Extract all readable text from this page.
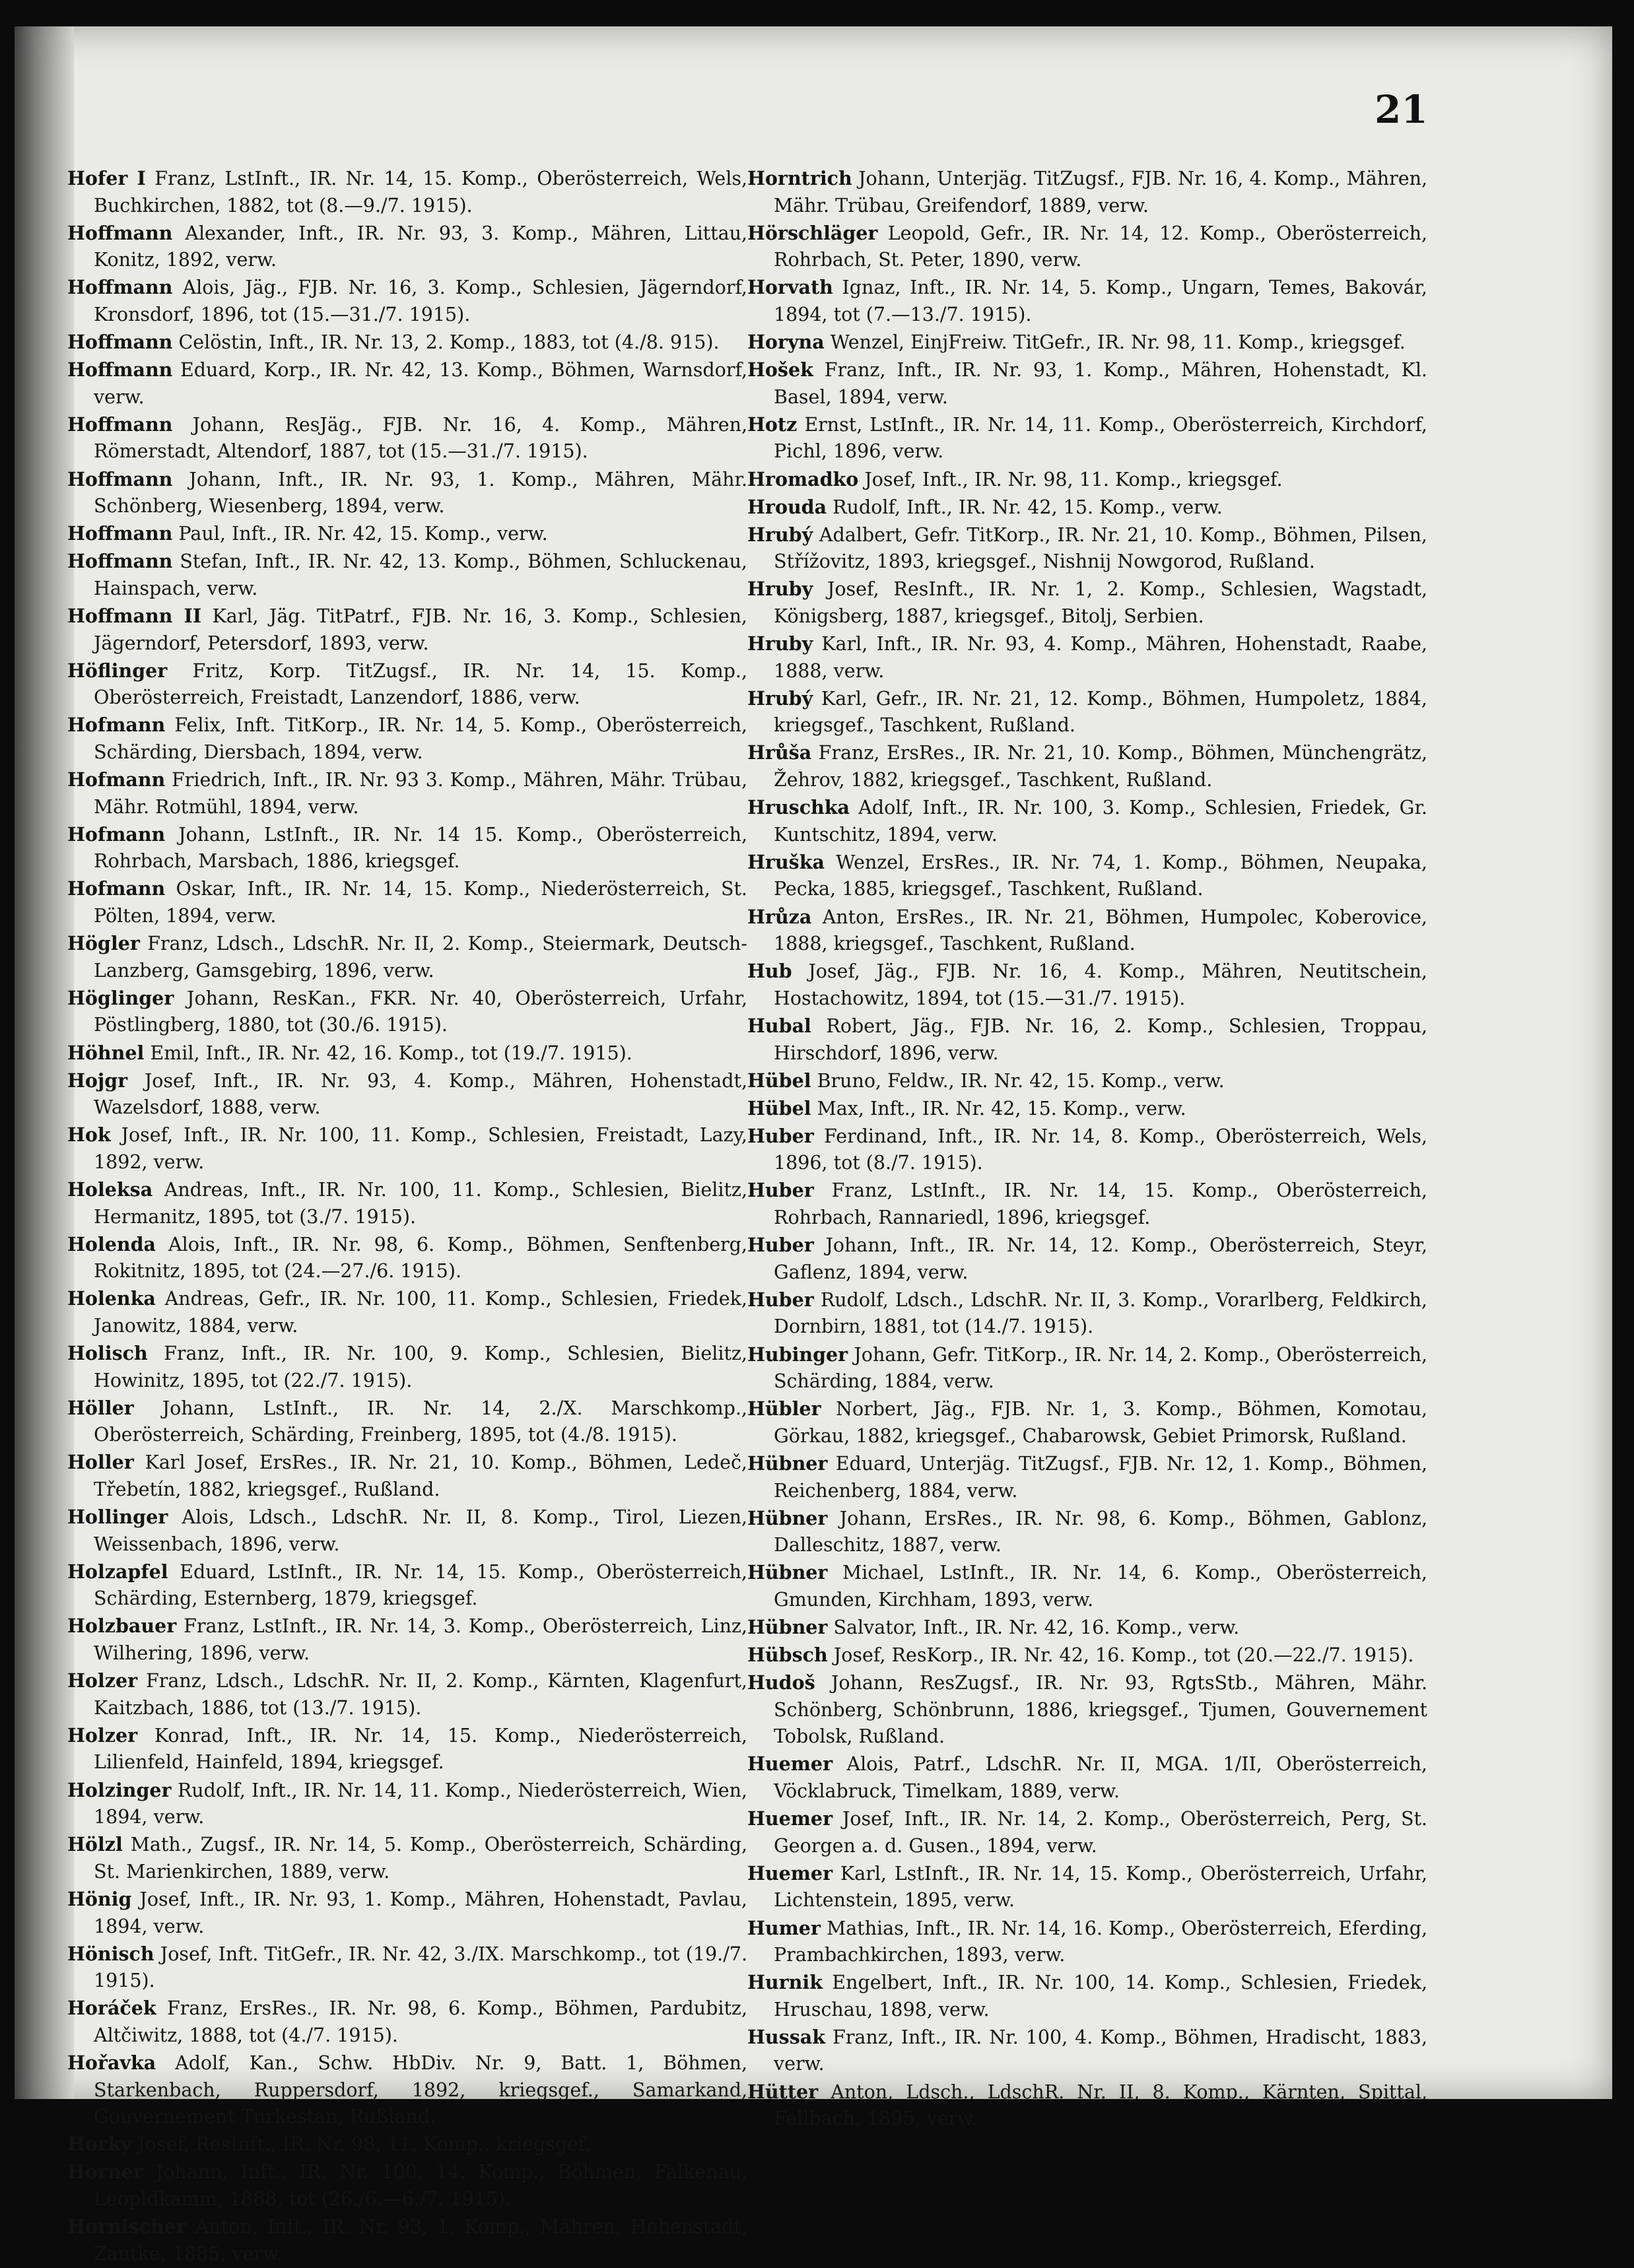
21

Hofer I Franz, LstInft., IR. Nr. 14, 15. Komp., Oberösterreich, Wels, Buchkirchen, 1882, tot (8.—9./7. 1915).

Hoffmann Alexander, Inft., IR. Nr. 93, 3. Komp., Mähren, Littau, Konitz, 1892, verw.

Hoffmann Alois, Jäg., FJB. Nr. 16, 3. Komp., Schlesien, Jägerndorf, Kronsdorf, 1896, tot (15.—31./7. 1915).

Hoffmann Celöstin, Inft., IR. Nr. 13, 2. Komp., 1883, tot (4./8. 915).

Hoffmann Eduard, Korp., IR. Nr. 42, 13. Komp., Böhmen, Warnsdorf, verw.

Hoffmann Johann, ResJäg., FJB. Nr. 16, 4. Komp., Mähren, Römerstadt, Altendorf, 1887, tot (15.—31./7. 1915).

Hoffmann Johann, Inft., IR. Nr. 93, 1. Komp., Mähren, Mähr. Schönberg, Wiesenberg, 1894, verw.

Hoffmann Paul, Inft., IR. Nr. 42, 15. Komp., verw.

Hoffmann Stefan, Inft., IR. Nr. 42, 13. Komp., Böhmen, Schluckenau, Hainspach, verw.

Hoffmann II Karl, Jäg. TitPatrf., FJB. Nr. 16, 3. Komp., Schlesien, Jägerndorf, Petersdorf, 1893, verw.

Höflinger Fritz, Korp. TitZugsf., IR. Nr. 14, 15. Komp., Oberösterreich, Freistadt, Lanzendorf, 1886, verw.

Hofmann Felix, Inft. TitKorp., IR. Nr. 14, 5. Komp., Oberösterreich, Schärding, Diersbach, 1894, verw.

Hofmann Friedrich, Inft., IR. Nr. 93 3. Komp., Mähren, Mähr. Trübau, Mähr. Rotmühl, 1894, verw.

Hofmann Johann, LstInft., IR. Nr. 14 15. Komp., Oberösterreich, Rohrbach, Marsbach, 1886, kriegsgef.

Hofmann Oskar, Inft., IR. Nr. 14, 15. Komp., Niederösterreich, St. Pölten, 1894, verw.

Högler Franz, Ldsch., LdschR. Nr. II, 2. Komp., Steiermark, Deutsch-Lanzberg, Gamsgebirg, 1896, verw.

Höglinger Johann, ResKan., FKR. Nr. 40, Oberösterreich, Urfahr, Pöstlingberg, 1880, tot (30./6. 1915).

Höhnel Emil, Inft., IR. Nr. 42, 16. Komp., tot (19./7. 1915).

Hojgr Josef, Inft., IR. Nr. 93, 4. Komp., Mähren, Hohenstadt, Wazelsdorf, 1888, verw.

Hok Josef, Inft., IR. Nr. 100, 11. Komp., Schlesien, Freistadt, Lazy, 1892, verw.

Holeksa Andreas, Inft., IR. Nr. 100, 11. Komp., Schlesien, Bielitz, Hermanitz, 1895, tot (3./7. 1915).

Holenda Alois, Inft., IR. Nr. 98, 6. Komp., Böhmen, Senftenberg, Rokitnitz, 1895, tot (24.—27./6. 1915).

Holenka Andreas, Gefr., IR. Nr. 100, 11. Komp., Schlesien, Friedek, Janowitz, 1884, verw.

Holisch Franz, Inft., IR. Nr. 100, 9. Komp., Schlesien, Bielitz, Howinitz, 1895, tot (22./7. 1915).

Höller Johann, LstInft., IR. Nr. 14, 2./X. Marschkomp., Oberösterreich, Schärding, Freinberg, 1895, tot (4./8. 1915).

Holler Karl Josef, ErsRes., IR. Nr. 21, 10. Komp., Böhmen, Ledeč, Třebetín, 1882, kriegsgef., Rußland.

Hollinger Alois, Ldsch., LdschR. Nr. II, 8. Komp., Tirol, Liezen, Weissenbach, 1896, verw.

Holzapfel Eduard, LstInft., IR. Nr. 14, 15. Komp., Oberösterreich, Schärding, Esternberg, 1879, kriegsgef.

Holzbauer Franz, LstInft., IR. Nr. 14, 3. Komp., Oberösterreich, Linz, Wilhering, 1896, verw.

Holzer Franz, Ldsch., LdschR. Nr. II, 2. Komp., Kärnten, Klagenfurt, Kaitzbach, 1886, tot (13./7. 1915).

Holzer Konrad, Inft., IR. Nr. 14, 15. Komp., Niederösterreich, Lilienfeld, Hainfeld, 1894, kriegsgef.

Holzinger Rudolf, Inft., IR. Nr. 14, 11. Komp., Niederösterreich, Wien, 1894, verw.

Hölzl Math., Zugsf., IR. Nr. 14, 5. Komp., Oberösterreich, Schärding, St. Marienkirchen, 1889, verw.

Hönig Josef, Inft., IR. Nr. 93, 1. Komp., Mähren, Hohenstadt, Pavlau, 1894, verw.

Hönisch Josef, Inft. TitGefr., IR. Nr. 42, 3./IX. Marschkomp., tot (19./7. 1915).

Horáček Franz, ErsRes., IR. Nr. 98, 6. Komp., Böhmen, Pardubitz, Altčiwitz, 1888, tot (4./7. 1915).

Hořavka Adolf, Kan., Schw. HbDiv. Nr. 9, Batt. 1, Böhmen, Starkenbach, Ruppersdorf, 1892, kriegsgef., Samarkand, Gouvernement Turkestan, Rußland.

Horky Josef, ResInft., IR. Nr. 98, 11. Komp., kriegsgef.

Horner Johann, Inft., IR. Nr. 100, 14. Komp., Böhmen, Falkenau, Leopldkamm, 1888, tot (26./6.—6./7. 1915).

Hornischer Anton, Inft., IR. Nr. 93, 1. Komp., Mähren, Hohenstadt, Zautke, 1885, verw.

Horntrich Johann, Unterjäg. TitZugsf., FJB. Nr. 16, 4. Komp., Mähren, Mähr. Trübau, Greifendorf, 1889, verw.

Hörschläger Leopold, Gefr., IR. Nr. 14, 12. Komp., Oberösterreich, Rohrbach, St. Peter, 1890, verw.

Horvath Ignaz, Inft., IR. Nr. 14, 5. Komp., Ungarn, Temes, Bakovár, 1894, tot (7.—13./7. 1915).

Horyna Wenzel, EinjFreiw. TitGefr., IR. Nr. 98, 11. Komp., kriegsgef.

Hošek Franz, Inft., IR. Nr. 93, 1. Komp., Mähren, Hohenstadt, Kl. Basel, 1894, verw.

Hotz Ernst, LstInft., IR. Nr. 14, 11. Komp., Oberösterreich, Kirchdorf, Pichl, 1896, verw.

Hromadko Josef, Inft., IR. Nr. 98, 11. Komp., kriegsgef.

Hrouda Rudolf, Inft., IR. Nr. 42, 15. Komp., verw.

Hrubý Adalbert, Gefr. TitKorp., IR. Nr. 21, 10. Komp., Böhmen, Pilsen, Střížovitz, 1893, kriegsgef., Nishnij Nowgorod, Rußland.

Hruby Josef, ResInft., IR. Nr. 1, 2. Komp., Schlesien, Wagstadt, Königsberg, 1887, kriegsgef., Bitolj, Serbien.

Hruby Karl, Inft., IR. Nr. 93, 4. Komp., Mähren, Hohenstadt, Raabe, 1888, verw.

Hrubý Karl, Gefr., IR. Nr. 21, 12. Komp., Böhmen, Humpoletz, 1884, kriegsgef., Taschkent, Rußland.

Hrůša Franz, ErsRes., IR. Nr. 21, 10. Komp., Böhmen, Münchengrätz, Žehrov, 1882, kriegsgef., Taschkent, Rußland.

Hruschka Adolf, Inft., IR. Nr. 100, 3. Komp., Schlesien, Friedek, Gr. Kuntschitz, 1894, verw.

Hruška Wenzel, ErsRes., IR. Nr. 74, 1. Komp., Böhmen, Neupaka, Pecka, 1885, kriegsgef., Taschkent, Rußland.

Hrůza Anton, ErsRes., IR. Nr. 21, Böhmen, Humpolec, Koberovice, 1888, kriegsgef., Taschkent, Rußland.

Hub Josef, Jäg., FJB. Nr. 16, 4. Komp., Mähren, Neutitschein, Hostachowitz, 1894, tot (15.—31./7. 1915).

Hubal Robert, Jäg., FJB. Nr. 16, 2. Komp., Schlesien, Troppau, Hirschdorf, 1896, verw.

Hübel Bruno, Feldw., IR. Nr. 42, 15. Komp., verw.

Hübel Max, Inft., IR. Nr. 42, 15. Komp., verw.

Huber Ferdinand, Inft., IR. Nr. 14, 8. Komp., Oberösterreich, Wels, 1896, tot (8./7. 1915).

Huber Franz, LstInft., IR. Nr. 14, 15. Komp., Oberösterreich, Rohrbach, Rannariedl, 1896, kriegsgef.

Huber Johann, Inft., IR. Nr. 14, 12. Komp., Oberösterreich, Steyr, Gaflenz, 1894, verw.

Huber Rudolf, Ldsch., LdschR. Nr. II, 3. Komp., Vorarlberg, Feldkirch, Dornbirn, 1881, tot (14./7. 1915).

Hubinger Johann, Gefr. TitKorp., IR. Nr. 14, 2. Komp., Oberösterreich, Schärding, 1884, verw.

Hübler Norbert, Jäg., FJB. Nr. 1, 3. Komp., Böhmen, Komotau, Görkau, 1882, kriegsgef., Chabarowsk, Gebiet Primorsk, Rußland.

Hübner Eduard, Unterjäg. TitZugsf., FJB. Nr. 12, 1. Komp., Böhmen, Reichenberg, 1884, verw.

Hübner Johann, ErsRes., IR. Nr. 98, 6. Komp., Böhmen, Gablonz, Dalleschitz, 1887, verw.

Hübner Michael, LstInft., IR. Nr. 14, 6. Komp., Oberösterreich, Gmunden, Kirchham, 1893, verw.

Hübner Salvator, Inft., IR. Nr. 42, 16. Komp., verw.

Hübsch Josef, ResKorp., IR. Nr. 42, 16. Komp., tot (20.—22./7. 1915).

Hudoš Johann, ResZugsf., IR. Nr. 93, RgtsStb., Mähren, Mähr. Schönberg, Schönbrunn, 1886, kriegsgef., Tjumen, Gouvernement Tobolsk, Rußland.

Huemer Alois, Patrf., LdschR. Nr. II, MGA. 1/II, Oberösterreich, Vöcklabruck, Timelkam, 1889, verw.

Huemer Josef, Inft., IR. Nr. 14, 2. Komp., Oberösterreich, Perg, St. Georgen a. d. Gusen., 1894, verw.

Huemer Karl, LstInft., IR. Nr. 14, 15. Komp., Oberösterreich, Urfahr, Lichtenstein, 1895, verw.

Humer Mathias, Inft., IR. Nr. 14, 16. Komp., Oberösterreich, Eferding, Prambachkirchen, 1893, verw.

Hurnik Engelbert, Inft., IR. Nr. 100, 14. Komp., Schlesien, Friedek, Hruschau, 1898, verw.

Hussak Franz, Inft., IR. Nr. 100, 4. Komp., Böhmen, Hradischt, 1883, verw.

Hütter Anton, Ldsch., LdschR. Nr. II, 8. Komp., Kärnten, Spittal, Fellbach, 1895, verw.
